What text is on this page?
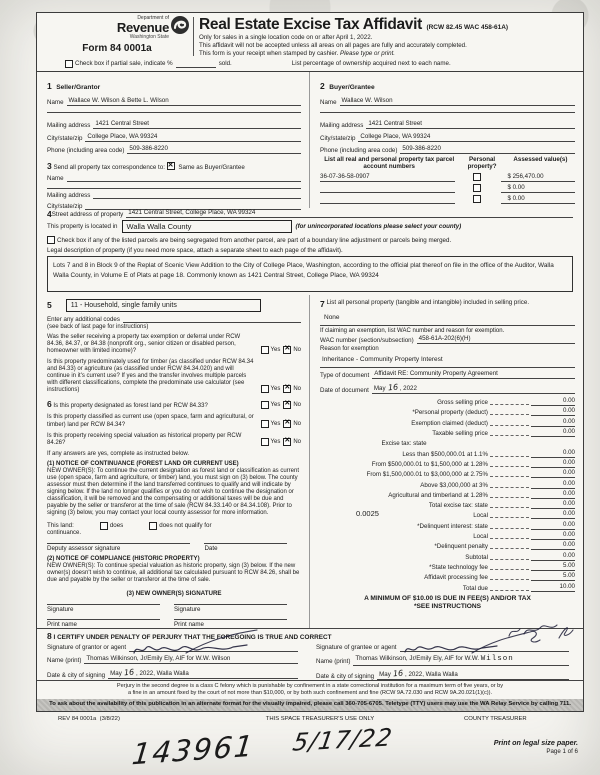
Department of
Revenue
Washington State
Form 84 0001a
Real Estate Excise Tax Affidavit (RCW 82.45 WAC 458-61A)
Only for sales in a single location code on or after April 1, 2022.
This affidavit will not be accepted unless all areas on all pages are fully and accurately completed.
This form is your receipt when stamped by cashier. Please type or print.
Check box if partial sale, indicate %	sold.	List percentage of ownership acquired next to each name.
1 Seller/Grantor
Name Wallace W. Wilson & Bette L. Wilson
Mailing address 1421 Central Street
City/state/zip College Place, WA 99324
Phone (including area code) 509-386-8220
3 Send all property tax correspondence to: ✕ Same as Buyer/Grantee
Name
Mailing address
City/state/zip
2 Buyer/Grantee
Name Wallace W. Wilson
Mailing address 1421 Central Street
City/state/zip College Place, WA 99324
Phone (including area code) 509-386-8220
List all real and personal property tax parcel account numbers
Personal property?
Assessed value(s)
36-07-36-58-0907	$ 256,470.00
$ 0.00
$ 0.00
4 Street address of property 1421 Central Street, College Place, WA 99324
This property is located in	Walla Walla County	(for unincorporated locations please select your county)
Check box if any of the listed parcels are being segregated from another parcel, are part of a boundary line adjustment or parcels being merged.
Legal description of property (if you need more space, attach a separate sheet to each page of the affidavit).
Lots 7 and 8 in Block 9 of the Replat of Scenic View Addition to the City of College Place, Washington, according to the official plat thereof on file in the office of the Auditor, Walla Walla County, in Volume E of Plats at page 18. Commonly known as 1421 Central Street, College Place, WA 99324
5	11 - Household, single family units
Enter any additional codes
(see back of last page for instructions)
Was the seller receiving a property tax exemption or deferral under RCW 84.36, 84.37, or 84.38 (nonprofit org., senior citizen or disabled person, homeowner with limited income)?	Yes ✕ No
Is this property predominately used for timber (as classified under RCW 84.34 and 84.33) or agriculture (as classified under RCW 84.34.020) and will continue in it's current use? If yes and the transfer involves multiple parcels with different classifications, complete the predominate use calculator (see instructions)	Yes ✕ No
6 Is this property designated as forest land per RCW 84.33?	Yes ✕ No
Is this property classified as current use (open space, farm and agricultural, or timber) land per RCW 84.34?	Yes ✕ No
Is this property receiving special valuation as historical property per RCW 84.26?	Yes ✕ No
If any answers are yes, complete as instructed below.
(1) NOTICE OF CONTINUANCE (FOREST LAND OR CURRENT USE)
NEW OWNER(S): To continue the current designation as forest land or classification as current use (open space, farm and agriculture, or timber) land, you must sign on (3) below. The county assessor must then determine if the land transferred continues to qualify and will indicate by signing below. If the land no longer qualifies or you do not wish to continue the designation or classification, it will be removed and the compensating or additional taxes will be due and payable by the seller or transferor at the time of sale (RCW 84.33.140 or 84.34.108). Prior to signing (3) below, you may contact your local county assessor for more information.
This land:	does	does not qualify for
continuance.
Deputy assessor signature	Date
(2) NOTICE OF COMPLIANCE (HISTORIC PROPERTY)
NEW OWNER(S): To continue special valuation as historic property, sign (3) below. If the new owner(s) doesn't wish to continue, all additional tax calculated pursuant to RCW 84.26, shall be due and payable by the seller or transferor at the time of sale.
(3) NEW OWNER(S) SIGNATURE
Signature	Signature
Print name	Print name
7
List all personal property (tangible and intangible) included in selling price.
None
If claiming an exemption, list WAC number and reason for exemption.
WAC number (section/subsection) 458-61A-202(6)(H)
Reason for exemption
Inheritance - Community Property Interest
Type of document Affidavit RE: Community Property Agreement
Date of document May 16 , 2022
Gross selling price	0.00
*Personal property (deduct)	0.00
Exemption claimed (deduct)	0.00
Taxable selling price	0.00
Excise tax: state
Less than $500,000.01 at 1.1%	0.00
From $500,000.01 to $1,500,000 at 1.28%	0.00
From $1,500,000.01 to $3,000,000 at 2.75%	0.00
Above $3,000,000 at 3%	0.00
Agricultural and timberland at 1.28%	0.00
Total excise tax: state	0.00
0.0025	Local	0.00
*Delinquent interest: state	0.00
Local	0.00
*Delinquent penalty	0.00
Subtotal	0.00
*State technology fee	5.00
Affidavit processing fee	5.00
Total due	10.00
A MINIMUM OF $10.00 IS DUE IN FEE(S) AND/OR TAX
*SEE INSTRUCTIONS
8 I CERTIFY UNDER PENALTY OF PERJURY THAT THE FOREGOING IS TRUE AND CORRECT
Signature of grantor or agent
Name (print) Thomas Wilkinson, Jr/Emily Ely, AIF for W.W. Wilson
Date & city of signing May 16 , 2022, Walla Walla
Signature of grantee or agent
Name (print) Thomas Wilkinson, Jr/Emily Ely, AIF for W.W. Wilson
Date & city of signing May 16 , 2022, Walla Walla
Perjury in the second degree is a class C felony which is punishable by confinement in a state correctional institution for a maximum term of five years, or by
a fine in an amount fixed by the court of not more than $10,000, or by both such confinement and fine (RCW 9A.72.030 and RCW 9A.20.021(1)(c)).
To ask about the availability of this publication in an alternate format for the visually impaired, please call 360-705-6705. Teletype (TTY) users may use the WA Relay Service by calling 711.
REV 84 0001a (3/8/22)	THIS SPACE TREASURER'S USE ONLY	COUNTY TREASURER
143961 5/17/22	Print on legal size paper.
Page 1 of 6
